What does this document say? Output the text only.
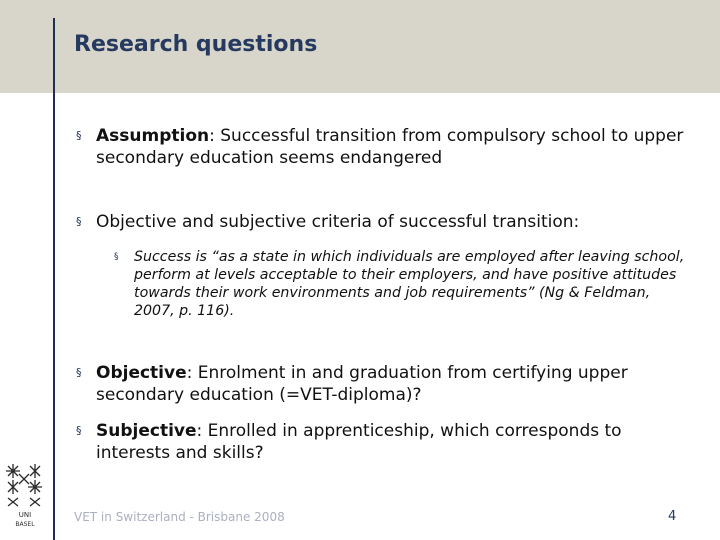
Research questions
§ Assumption: Successful transition from compulsory school to upper secondary education seems endangered
§ Objective and subjective criteria of successful transition:
§	Success is “as a state in which individuals are employed after leaving school, perform at levels acceptable to their employers, and have positive attitudes towards their work environments and job requirements” (Ng & Feldman, 2007, p. 116).
§ Objective: Enrolment in and graduation from certifying upper secondary education (=VET-diploma)?
§ Subjective: Enrolled in apprenticeship, which corresponds to interests and skills?
UNI
BASEL
VET in Switzerland - Brisbane 2008	4
